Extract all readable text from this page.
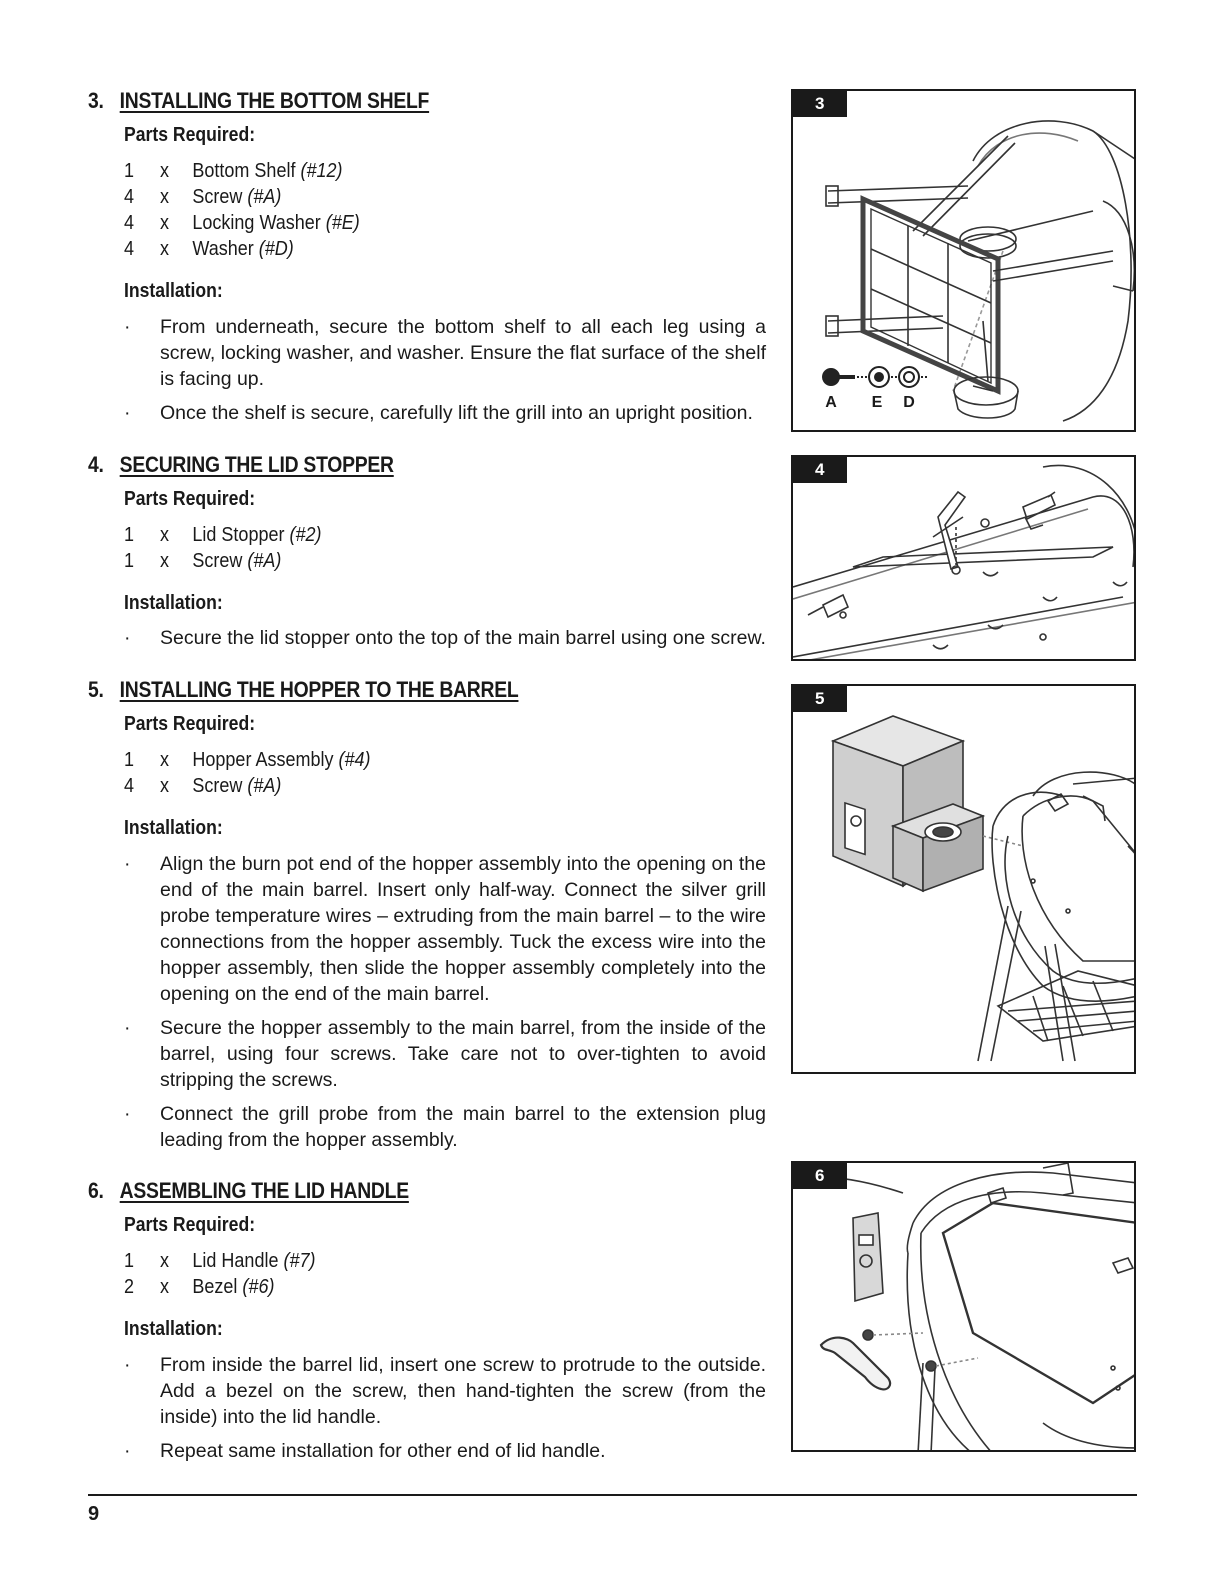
3. INSTALLING THE BOTTOM SHELF
Parts Required:
1 x Bottom Shelf (#12)
4 x Screw (#A)
4 x Locking Washer (#E)
4 x Washer (#D)
Installation:
·	From underneath, secure the bottom shelf to all each leg using a screw, locking washer, and washer. Ensure the flat surface of the shelf is facing up.
·	Once the shelf is secure, carefully lift the grill into an upright position.
4. SECURING THE LID STOPPER
Parts Required:
1 x Lid Stopper (#2)
1 x Screw (#A)
Installation:
·	Secure the lid stopper onto the top of the main barrel using one screw.
5. INSTALLING THE HOPPER TO THE BARREL
Parts Required:
1 x Hopper Assembly (#4)
4 x Screw (#A)
Installation:
·	Align the burn pot end of the hopper assembly into the opening on the end of the main barrel. Insert only half-way. Connect the silver grill probe temperature wires – extruding from the main barrel – to the wire connections from the hopper assembly. Tuck the excess wire into the hopper assembly, then slide the hopper assembly completely into the opening on the end of the main barrel.
·	Secure the hopper assembly to the main barrel, from the inside of the barrel, using four screws. Take care not to over-tighten to avoid stripping the screws.
·	Connect the grill probe from the main barrel to the extension plug leading from the hopper assembly.
6. ASSEMBLING THE LID HANDLE
Parts Required:
1 x Lid Handle (#7)
2 x Bezel (#6)
Installation:
·	From inside the barrel lid, insert one screw to protrude to the outside. Add a bezel on the screw, then hand-tighten the screw (from the inside) into the lid handle.
·	Repeat same installation for other end of lid handle.
A E D
3
4
5
6
9
